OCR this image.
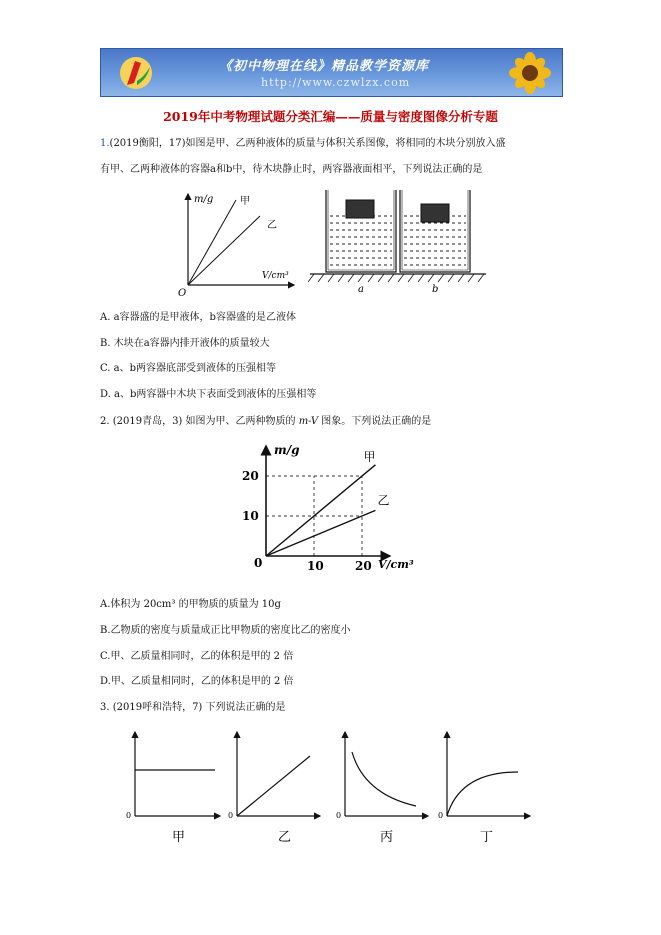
《初中物理在线》精品教学资源库
http://www.czwlzx.com
2019年中考物理试题分类汇编——质量与密度图像分析专题
1.(2019衡阳，17)如图是甲、乙两种液体的质量与体积关系图像，将相同的木块分别放入盛
有甲、乙两种液体的容器a和b中，待木块静止时，两容器液面相平，下列说法正确的是
m/g	甲
乙
V/cm³
O	a	b
A. a容器盛的是甲液体，b容器盛的是乙液体
B. 木块在a容器内排开液体的质量较大
C. a、b两容器底部受到液体的压强相等
D. a、b两容器中木块下表面受到液体的压强相等
2. (2019青岛，3) 如图为甲、乙两种物质的 m-V 图象。下列说法正确的是
10
20
10	20
甲
乙
m/g
V/cm³
0
A.体积为 20cm³ 的甲物质的质量为 10g
B.乙物质的密度与质量成正比甲物质的密度比乙的密度小
C.甲、乙质量相同时，乙的体积是甲的 2 倍
D.甲、乙质量相同时，乙的体积是甲的 2 倍
3. (2019呼和浩特，7) 下列说法正确的是
0	0	0	0
甲	乙	丙	丁
